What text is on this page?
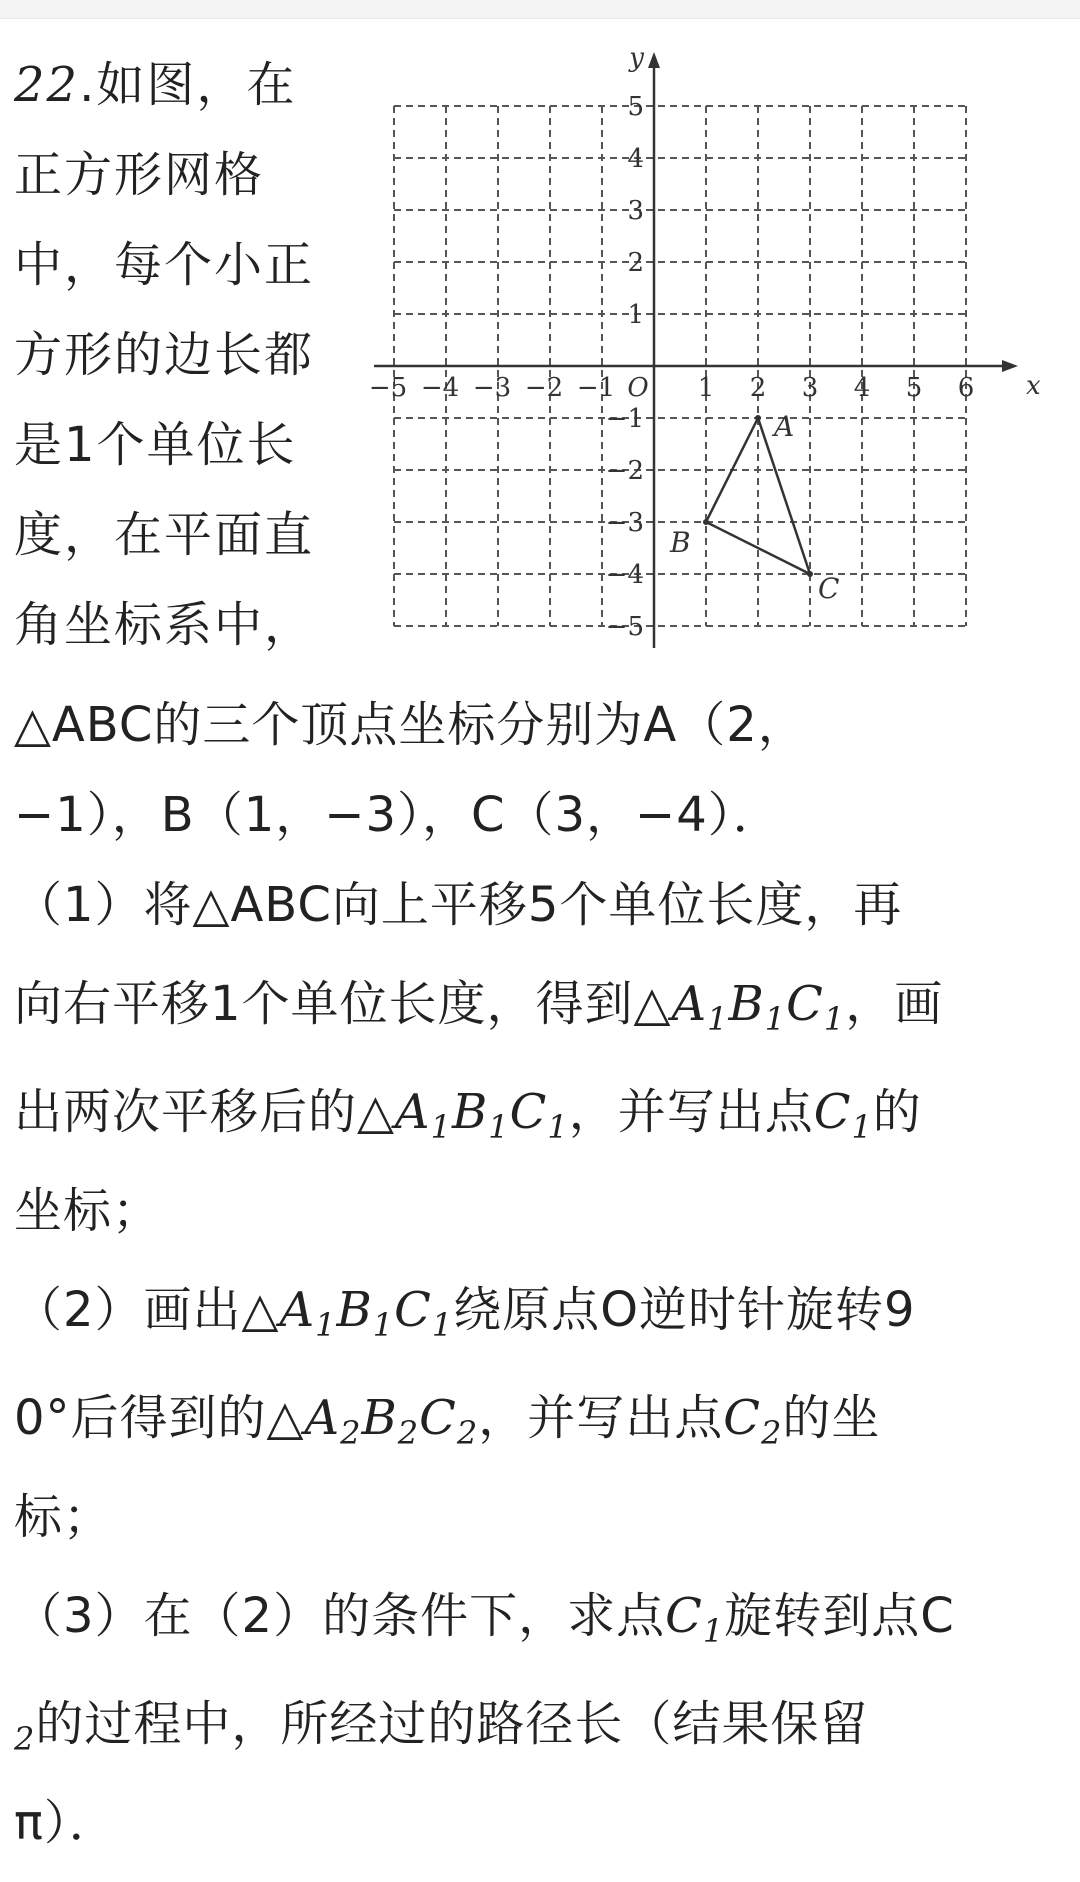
22.如图，在
正方形网格
中，每个小正
方形的边长都
是1个单位长
度，在平面直
角坐标系中，
x
y
O
−5 −4 −3 −2 −1	1 2 3 4 5 6
5
4
3
2
1
−1
−2
−3
−4
−5
A
B
C
△ABC的三个顶点坐标分别为A（2，
−1），B（1，−3），C（3，−4）．
（1）将△ABC向上平移5个单位长度，再
向右平移1个单位长度，得到$\triangle A_1B_1C_1$，画
出两次平移后的$\triangle A_1B_1C_1$，并写出点$C_1$的
坐标；
（2）画出$\triangle A_1B_1C_1$绕原点O逆时针旋转9
0°后得到的$\triangle A_2B_2C_2$，并写出点$C_2$的坐
标；
（3）在（2）的条件下，求点$C_1$旋转到点C
$_2$的过程中，所经过的路径长（结果保留
π）．
